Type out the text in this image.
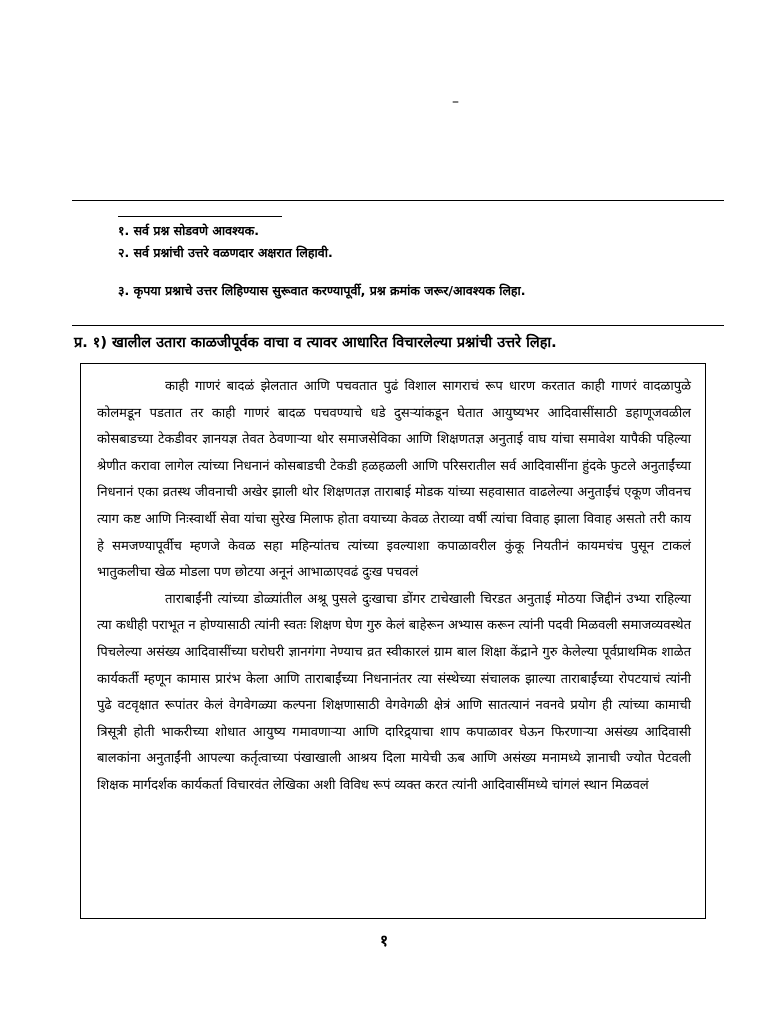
–
१. सर्व प्रश्न सोडवणे आवश्यक.
२. सर्व प्रश्नांची उत्तरे वळणदार अक्षरात लिहावी.
३. कृपया प्रश्नाचे उत्तर लिहिण्यास सुरूवात करण्यापूर्वी, प्रश्न क्रमांक जरूर/आवश्यक लिहा.
प्र. १) खालील उतारा काळजीपूर्वक वाचा व त्यावर आधारित विचारलेल्या प्रश्नांची उत्तरे लिहा.

काही गाणरं बादळं झेलतात आणि पचवतात पुढं विशाल सागराचं रूप धारण करतात काही गाणरं वादळापुळे कोलमडून पडतात तर काही गाणरं बादळ पचवण्याचे धडे दुसऱ्यांकडून घेतात आयुष्यभर आदिवासींसाठी डहाणूजवळील कोसबाडच्या टेकडीवर ज्ञानयज्ञ तेवत ठेवणाऱ्या थोर समाजसेविका आणि शिक्षणतज्ञ अनुताई वाघ यांचा समावेश यापैकी पहिल्या श्रेणीत करावा लागेल त्यांच्या निधनानं कोसबाडची टेकडी हळहळली आणि परिसरातील सर्व आदिवासींना हुंदके फुटले अनुताईंच्या निधनानं एका व्रतस्थ जीवनाची अखेर झाली थोर शिक्षणतज्ञ ताराबाई मोडक यांच्या सहवासात वाढलेल्या अनुताईंचं एकूण जीवनच त्याग कष्ट आणि निःस्वार्थी सेवा यांचा सुरेख मिलाफ होता वयाच्या केवळ तेराव्या वर्षी त्यांचा विवाह झाला विवाह असतो तरी काय हे समजण्यापूर्वीच म्हणजे केवळ सहा महिन्यांतच त्यांच्या इवल्याशा कपाळावरील कुंकू नियतीनं कायमचंच पुसून टाकलं भातुकलीचा खेळ मोडला पण छोटया अनूनं आभाळाएवढं दुःख पचवलं

ताराबाईंनी त्यांच्या डोळ्यांतील अश्रू पुसले दुःखाचा डोंगर टाचेखाली चिरडत अनुताई मोठया जिद्दीनं उभ्या राहिल्या त्या कधीही पराभूत न होण्यासाठी त्यांनी स्वतः शिक्षण घेण गुरु केलं बाहेरून अभ्यास करून त्यांनी पदवी मिळवली समाजव्यवस्थेत पिचलेल्या असंख्य आदिवासींच्या घरोघरी ज्ञानगंगा नेण्याच व्रत स्वीकारलं ग्राम बाल शिक्षा केंद्राने गुरु केलेल्या पूर्वप्राथमिक शाळेत कार्यकर्ती म्हणून कामास प्रारंभ केला आणि ताराबाईंच्या निधनानंतर त्या संस्थेच्या संचालक झाल्या ताराबाईंच्या रोपटयाचं त्यांनी पुढे वटवृक्षात रूपांतर केलं वेगवेगळ्या कल्पना शिक्षणासाठी वेगवेगळी क्षेत्रं आणि सातत्यानं नवनवे प्रयोग ही त्यांच्या कामाची त्रिसूत्री होती भाकरीच्या शोधात आयुष्य गमावणाऱ्या आणि दारिद्र्याचा शाप कपाळावर घेऊन फिरणाऱ्या असंख्य आदिवासी बालकांना अनुताईंनी आपल्या कर्तृत्वाच्या पंखाखाली आश्रय दिला मायेची ऊब आणि असंख्य मनामध्ये ज्ञानाची ज्योत पेटवली शिक्षक मार्गदर्शक कार्यकर्ता विचारवंत लेखिका अशी विविध रूपं व्यक्त करत त्यांनी आदिवासींमध्ये चांगलं स्थान मिळवलं

१
